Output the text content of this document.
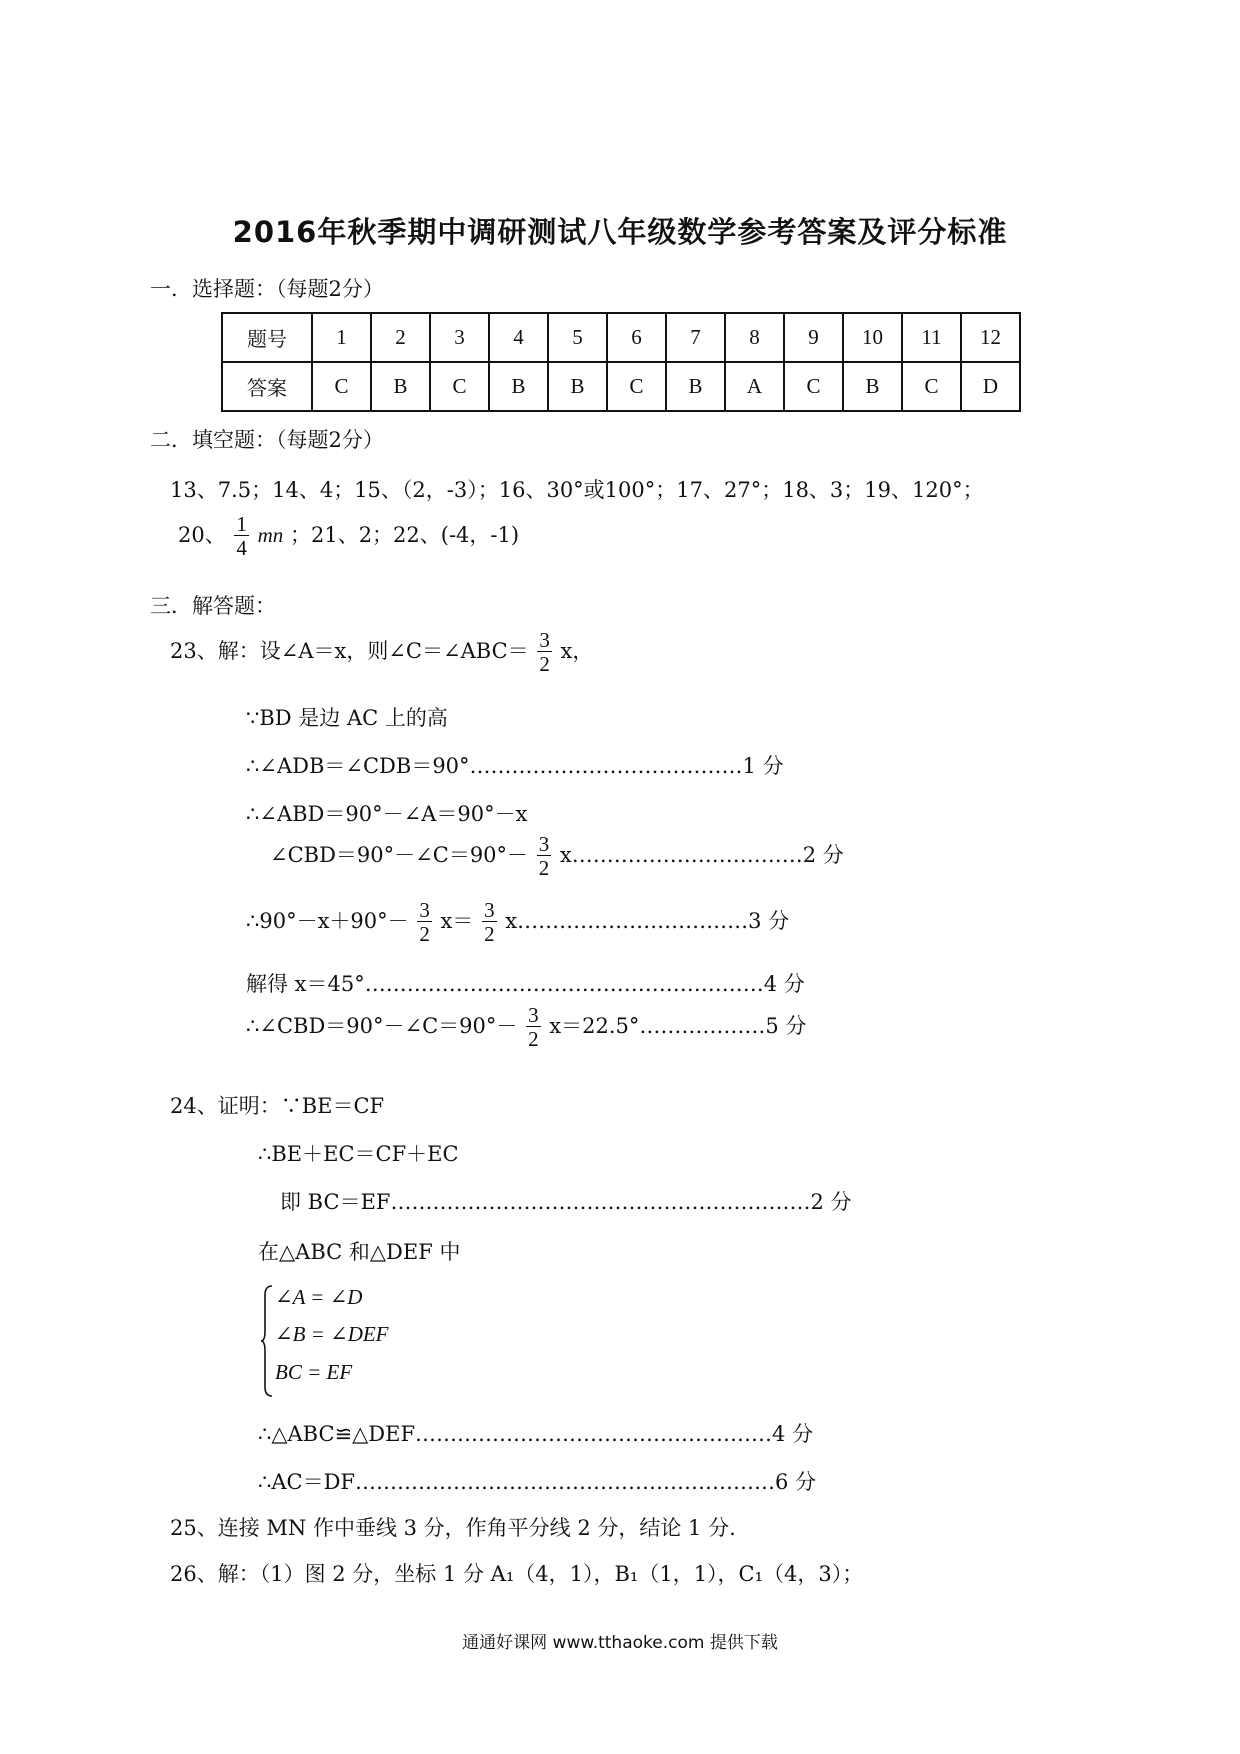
2016年秋季期中调研测试八年级数学参考答案及评分标准
一．选择题：（每题2分）
题号	1	2	3	4	5	6	7	8	9	10	11	12
答案	C	B	C	B	B	C	B	A	C	B	C	D
二．填空题：（每题2分）
13、7.5；14、4；15、（2，-3）；16、30°或100°；17、27°；18、3；19、120°；
20、 $\frac{1}{4}$ mn ；21、2；22、(-4，-1)
三．解答题：
23、解：设∠A＝x，则∠C＝∠ABC＝ $\frac{3}{2}$ x，
∵BD 是边 AC 上的高
∴∠ADB＝∠CDB＝90°…………………………………1 分
∴∠ABD＝90°－∠A＝90°－x
∠CBD＝90°－∠C＝90°－ $\frac{3}{2}$ x……………………………2 分
∴90°－x＋90°－ $\frac{3}{2} x= \frac{3}{2}$ x……………………………3 分
解得 x＝45°…………………………………………………4 分
∴∠CBD＝90°－∠C＝90°－ $\frac{3}{2}$ x＝22.5°………………5 分
24、证明：∵BE＝CF
∴BE＋EC＝CF＋EC
即 BC＝EF……………………………………………………2 分
在△ABC 和△DEF 中
∠A = ∠D
∠B = ∠DEF
BC = EF
∴△ABC≌△DEF……………………………………………4 分
∴AC＝DF……………………………………………………6 分
25、连接 MN 作中垂线 3 分，作角平分线 2 分，结论 1 分.
26、解：（1）图 2 分，坐标 1 分 A₁（4，1），B₁（1，1），C₁（4，3）；
通通好课网 www.tthaoke.com 提供下载
